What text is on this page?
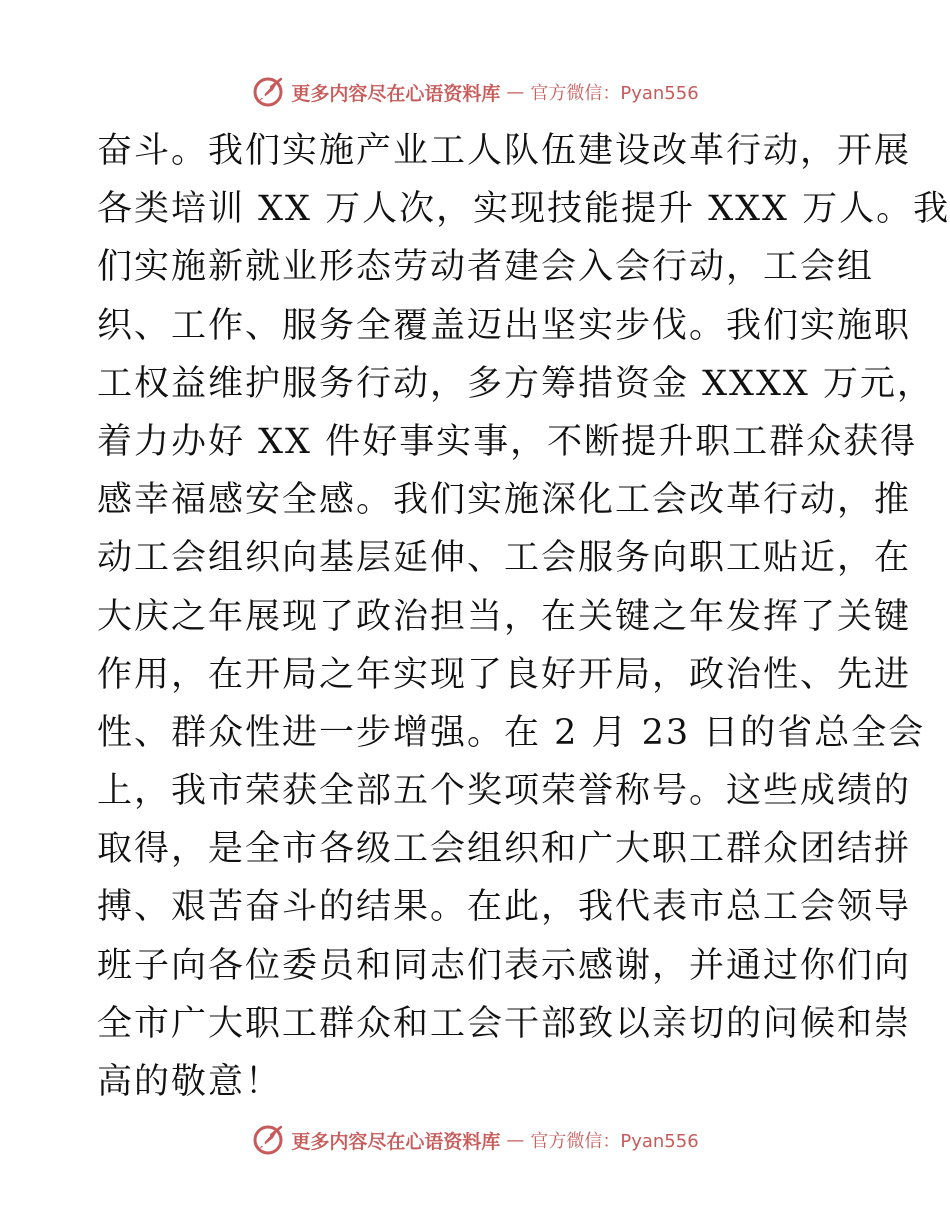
更多内容尽在心语资料库 — 官方微信：Pyan556
奋斗。我们实施产业工人队伍建设改革行动，开展
各类培训 XX 万人次，实现技能提升 XXX 万人。我
们实施新就业形态劳动者建会入会行动，工会组
织、工作、服务全覆盖迈出坚实步伐。我们实施职
工权益维护服务行动，多方筹措资金 XXXX 万元，
着力办好 XX 件好事实事，不断提升职工群众获得
感幸福感安全感。我们实施深化工会改革行动，推
动工会组织向基层延伸、工会服务向职工贴近，在
大庆之年展现了政治担当，在关键之年发挥了关键
作用，在开局之年实现了良好开局，政治性、先进
性、群众性进一步增强。在 2 月 23 日的省总全会
上，我市荣获全部五个奖项荣誉称号。这些成绩的
取得，是全市各级工会组织和广大职工群众团结拼
搏、艰苦奋斗的结果。在此，我代表市总工会领导
班子向各位委员和同志们表示感谢，并通过你们向
全市广大职工群众和工会干部致以亲切的问候和崇
高的敬意！
更多内容尽在心语资料库 — 官方微信：Pyan556
